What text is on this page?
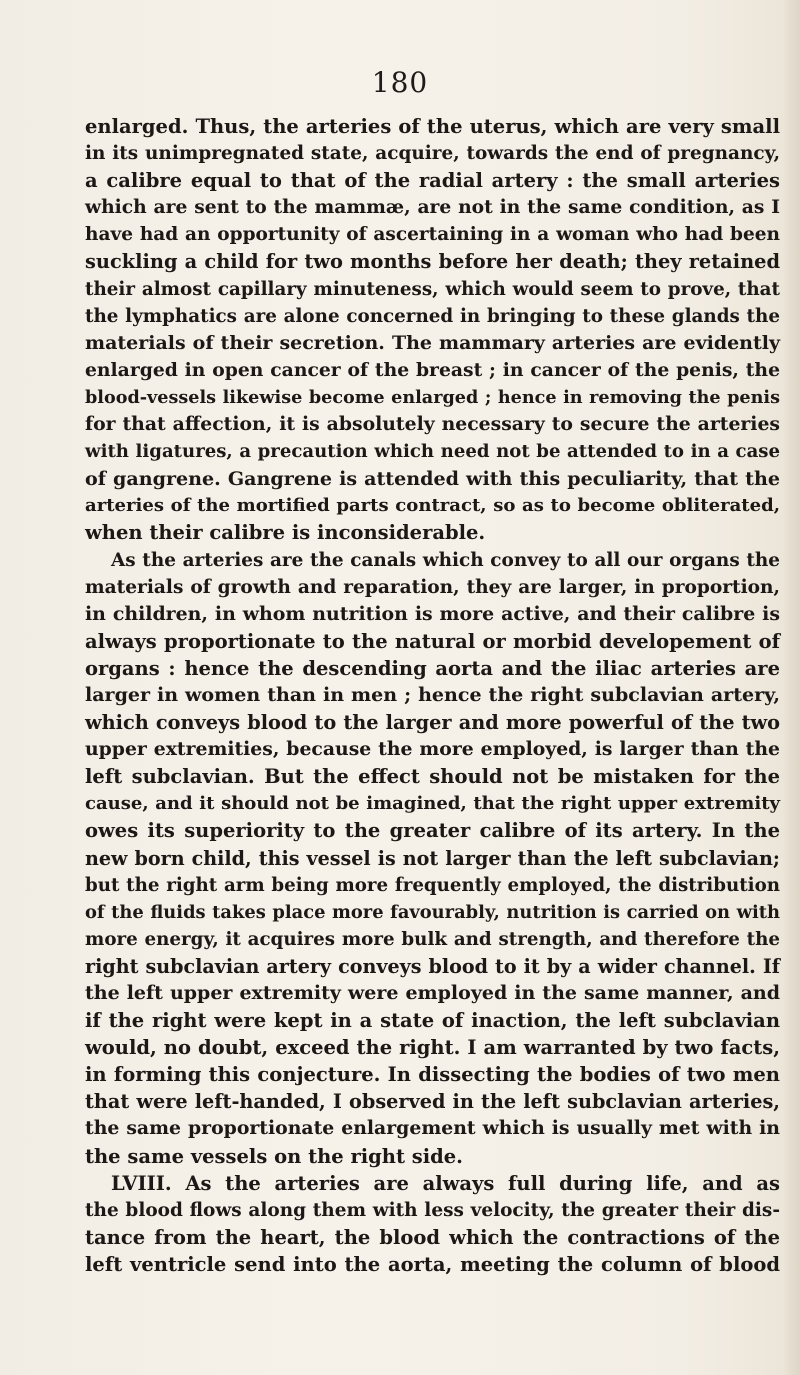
180
enlarged. Thus, the arteries of the uterus, which are very small
in its unimpregnated state, acquire, towards the end of pregnancy,
a calibre equal to that of the radial artery : the small arteries
which are sent to the mammæ, are not in the same condition, as I
have had an opportunity of ascertaining in a woman who had been
suckling a child for two months before her death; they retained
their almost capillary minuteness, which would seem to prove, that
the lymphatics are alone concerned in bringing to these glands the
materials of their secretion. The mammary arteries are evidently
enlarged in open cancer of the breast ; in cancer of the penis, the
blood-vessels likewise become enlarged ; hence in removing the penis
for that affection, it is absolutely necessary to secure the arteries
with ligatures, a precaution which need not be attended to in a case
of gangrene. Gangrene is attended with this peculiarity, that the
arteries of the mortified parts contract, so as to become obliterated,
when their calibre is inconsiderable.
As the arteries are the canals which convey to all our organs the
materials of growth and reparation, they are larger, in proportion,
in children, in whom nutrition is more active, and their calibre is
always proportionate to the natural or morbid developement of
organs : hence the descending aorta and the iliac arteries are
larger in women than in men ; hence the right subclavian artery,
which conveys blood to the larger and more powerful of the two
upper extremities, because the more employed, is larger than the
left subclavian. But the effect should not be mistaken for the
cause, and it should not be imagined, that the right upper extremity
owes its superiority to the greater calibre of its artery. In the
new born child, this vessel is not larger than the left subclavian;
but the right arm being more frequently employed, the distribution
of the fluids takes place more favourably, nutrition is carried on with
more energy, it acquires more bulk and strength, and therefore the
right subclavian artery conveys blood to it by a wider channel. If
the left upper extremity were employed in the same manner, and
if the right were kept in a state of inaction, the left subclavian
would, no doubt, exceed the right. I am warranted by two facts,
in forming this conjecture. In dissecting the bodies of two men
that were left-handed, I observed in the left subclavian arteries,
the same proportionate enlargement which is usually met with in
the same vessels on the right side.
LVIII. As the arteries are always full during life, and as
the blood flows along them with less velocity, the greater their dis-
tance from the heart, the blood which the contractions of the
left ventricle send into the aorta, meeting the column of blood
